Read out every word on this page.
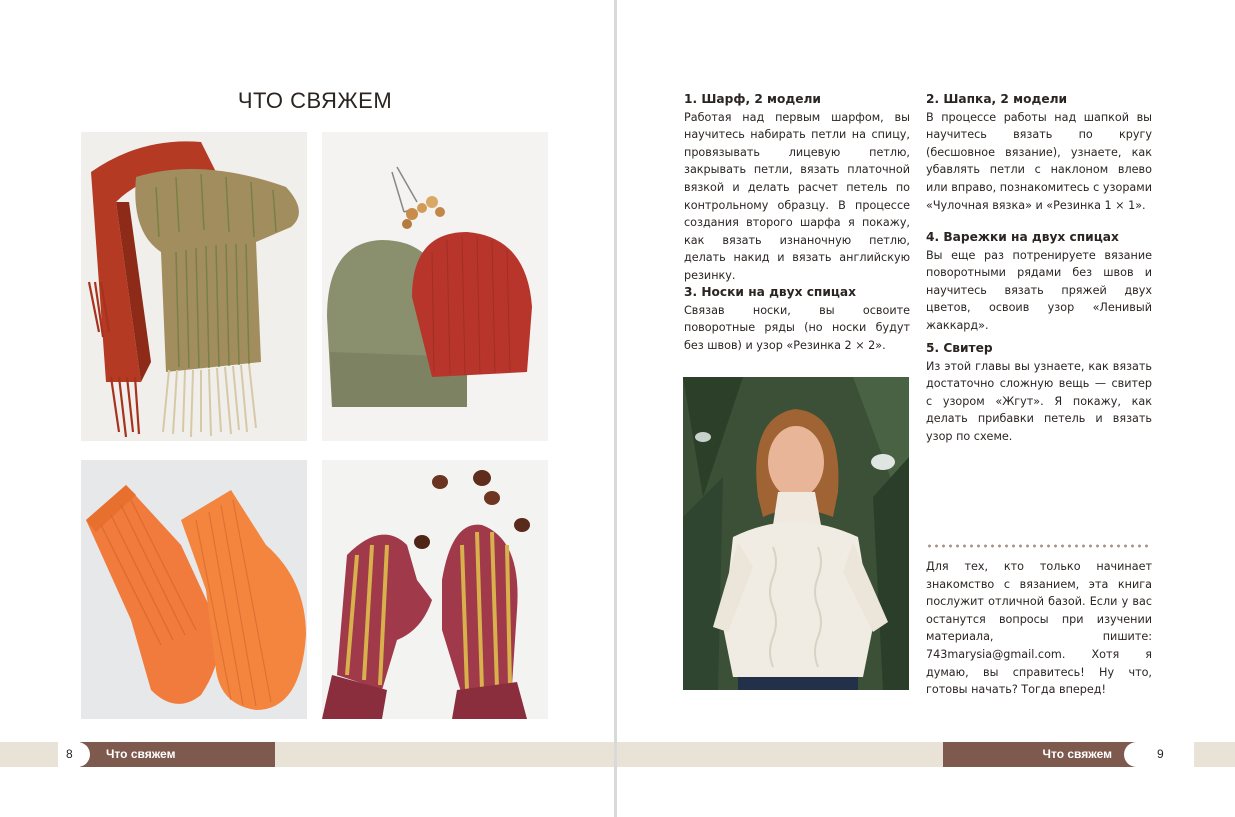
ЧТО СВЯЖЕМ	1. Шарф, 2 модели

Работая над первым шарфом, вы научитесь набирать петли на спицу, провязывать лицевую петлю, закрывать петли, вязать платочной вязкой и делать расчет петель по контрольному образцу. В процессе создания второго шарфа я покажу, как вязать изнаночную петлю, делать накид и вязать английскую резинку.

3. Носки на двух спицах

Связав носки, вы освоите поворотные ряды (но носки будут без швов) и узор «Резинка 2 × 2».

2. Шапка, 2 модели

В процессе работы над шапкой вы научитесь вязать по кругу (бесшовное вязание), узнаете, как убавлять петли с наклоном влево или вправо, познакомитесь с узорами «Чулочная вязка» и «Резинка 1 × 1».

4. Варежки на двух спицах

Вы еще раз потренируете вязание поворотными рядами без швов и научитесь вязать пряжей двух цветов, освоив узор «Ленивый жаккард».

5. Свитер

Из этой главы вы узнаете, как вязать достаточно сложную вещь — свитер с узором «Жгут». Я покажу, как делать прибавки петель и вязать узор по схеме.

Для тех, кто только начинает знакомство с вязанием, эта книга послужит отличной базой. Если у вас останутся вопросы при изучении материала, пишите: 743marysia@gmail.com. Хотя я думаю, вы справитесь! Ну что, готовы начать? Тогда вперед!

Что свяжем
8	Что свяжем	9
